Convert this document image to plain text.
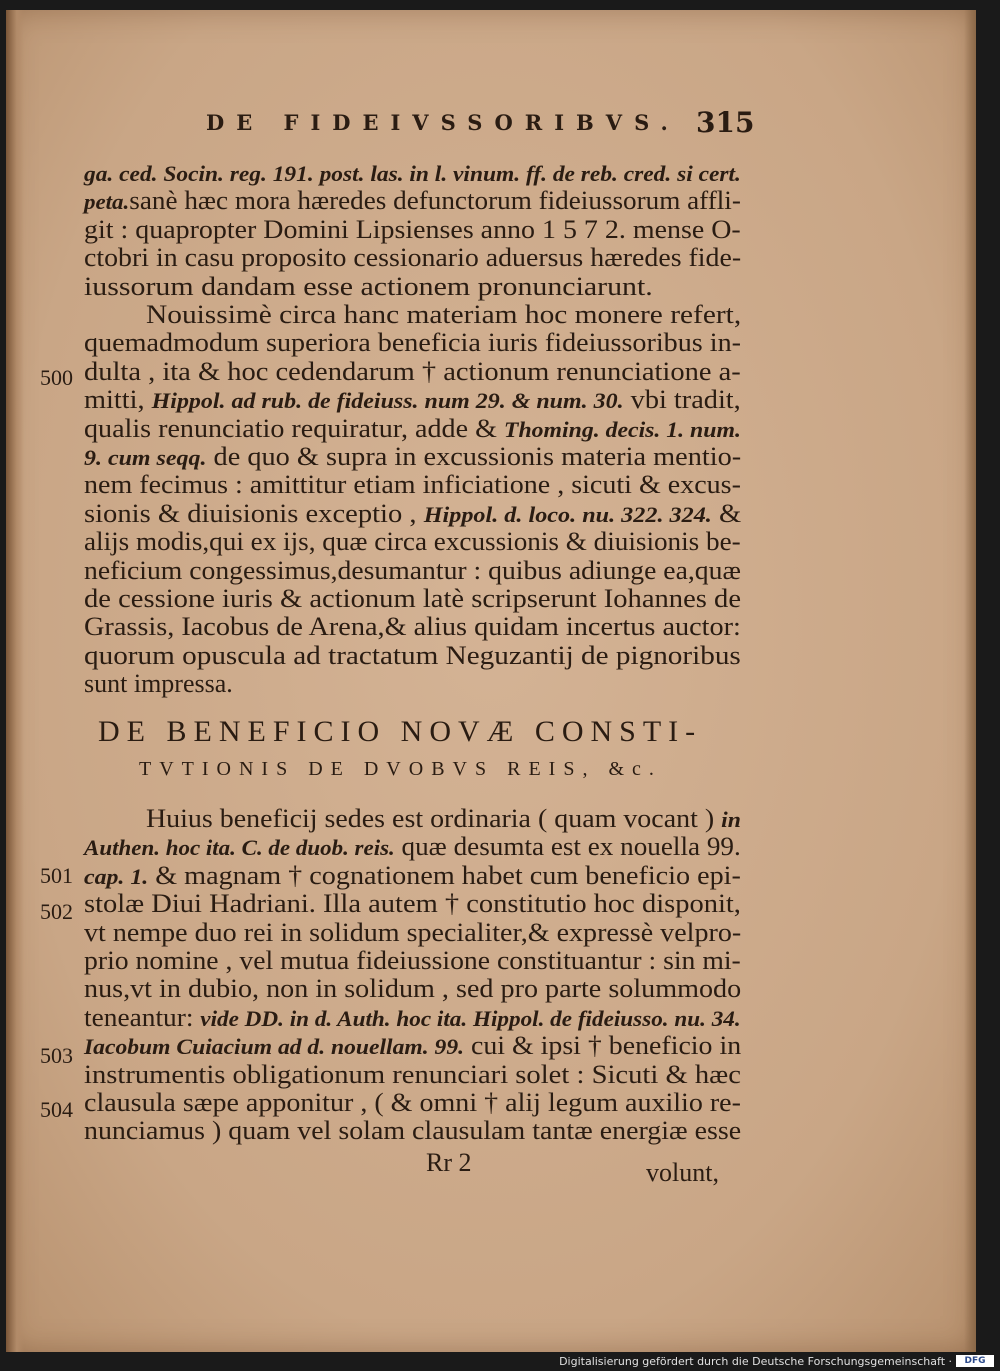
DE FIDEIVSSORIBVS. 315
ga. ced. Socin. reg. 191. post. las. in l. vinum. ff. de reb. cred. si cert.
peta.sanè hæc mora hæredes defunctorum fideiussorum affli-
git : quapropter Domini Lipsienses anno 1 5 7 2. mense O-
ctobri in casu proposito cessionario aduersus hæredes fide-
iussorum dandam esse actionem pronunciarunt.
Nouissimè circa hanc materiam hoc monere refert,
quemadmodum superiora beneficia iuris fideiussoribus in-
dulta , ita & hoc cedendarum † actionum renunciatione a-
mitti, Hippol. ad rub. de fideiuss. num 29. & num. 30. vbi tradit,
qualis renunciatio requiratur, adde & Thoming. decis. 1. num.
9. cum seqq. de quo & supra in excussionis materia mentio-
nem fecimus : amittitur etiam inficiatione , sicuti & excus-
sionis & diuisionis exceptio , Hippol. d. loco. nu. 322. 324. &
alijs modis,qui ex ijs, quæ circa excussionis & diuisionis be-
neficium congessimus,desumantur : quibus adiunge ea,quæ
de cessione iuris & actionum latè scripserunt Iohannes de
Grassis, Iacobus de Arena,& alius quidam incertus auctor:
quorum opuscula ad tractatum Neguzantij de pignoribus
sunt impressa.
DE BENEFICIO NOVÆ CONSTI-
TVTIONIS DE DVOBVS REIS, &c.
Huius beneficij sedes est ordinaria ( quam vocant ) in
Authen. hoc ita. C. de duob. reis. quæ desumta est ex nouella 99.
cap. 1. & magnam † cognationem habet cum beneficio epi-
stolæ Diui Hadriani. Illa autem † constitutio hoc disponit,
vt nempe duo rei in solidum specialiter,& expressè velpro-
prio nomine , vel mutua fideiussione constituantur : sin mi-
nus,vt in dubio, non in solidum , sed pro parte solummodo
teneantur: vide DD. in d. Auth. hoc ita. Hippol. de fideiusso. nu. 34.
Iacobum Cuiacium ad d. nouellam. 99. cui & ipsi † beneficio in
instrumentis obligationum renunciari solet : Sicuti & hæc
clausula sæpe apponitur , ( & omni † alij legum auxilio re-
nunciamus ) quam vel solam clausulam tantæ energiæ esse
500
501
502
503
504
Rr 2	volunt,
Digitalisierung gefördert durch die Deutsche Forschungsgemeinschaft ·	DFG
